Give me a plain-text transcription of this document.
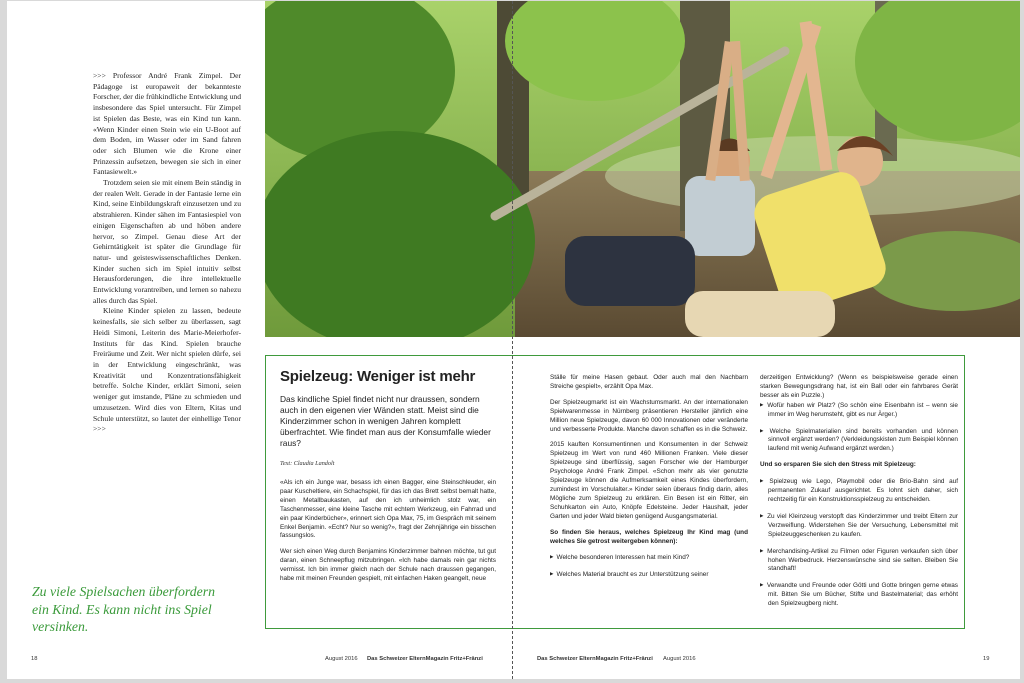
>>> Professor André Frank Zimpel. Der Pädagoge ist europaweit der bekannteste Forscher, der die frühkindliche Entwicklung und insbesondere das Spiel untersucht. Für Zimpel ist Spielen das Beste, was ein Kind tun kann. «Wenn Kinder einen Stein wie ein U-Boot auf dem Boden, im Wasser oder im Sand fahren oder sich Blumen wie die Krone einer Prinzessin aufsetzen, bewegen sie sich in einer Fantasiewelt.»

Trotzdem seien sie mit einem Bein ständig in der realen Welt. Gerade in der Fantasie lerne ein Kind, seine Einbildungskraft einzusetzen und zu abstrahieren. Kinder sähen im Fantasiespiel von einigen Eigenschaften ab und höben andere hervor, so Zimpel. Genau diese Art der Gehirntätigkeit ist später die Grundlage für natur- und geisteswissenschaftliches Denken. Kinder suchen sich im Spiel intuitiv selbst Herausforderungen, die ihre intellektuelle Entwicklung vorantreiben, und lernen so nahezu alles durch das Spiel.

Kleine Kinder spielen zu lassen, bedeute keinesfalls, sie sich selber zu überlassen, sagt Heidi Simoni, Leiterin des Marie-Meierhofer-Instituts für das Kind. Spielen brauche Freiräume und Zeit. Wer nicht spielen dürfe, sei in der Entwicklung eingeschränkt, was Kreativität und Konzentrationsfähigkeit betreffe. Solche Kinder, erklärt Simoni, seien weniger gut imstande, Pläne zu schmieden und umzusetzen. Wird dies von Eltern, Kitas und Schule unterstützt, so lautet der einhellige Tenor >>>

Zu viele Spielsachen überfordern ein Kind. Es kann nicht ins Spiel versinken.
Spielzeug: Weniger ist mehr
Das kindliche Spiel findet nicht nur draussen, sondern auch in den eigenen vier Wänden statt. Meist sind die Kinderzimmer schon in wenigen Jahren komplett überfrachtet. Wie findet man aus der Konsumfalle wieder raus?
Text: Claudia Landolt

«Als ich ein Junge war, besass ich einen Bagger, eine Steinschleuder, ein paar Kuscheltiere, ein Schachspiel, für das ich das Brett selbst bemalt hatte, einen Metallbaukasten, auf den ich unheimlich stolz war, ein Taschenmesser, eine kleine Tasche mit echtem Werkzeug, ein Fahrrad und ein paar Kinderbücher», erinnert sich Opa Max, 75, im Gespräch mit seinem Enkel Benjamin. «Echt? Nur so wenig?», fragt der Zehnjährige ein bisschen fassungslos.

Wer sich einen Weg durch Benjamins Kinderzimmer bahnen möchte, tut gut daran, einen Schneepflug mitzubringen. «Ich habe damals rein gar nichts vermisst. Ich bin immer gleich nach der Schule nach draussen gegangen, habe mit meinen Freunden gespielt, mit einfachen Haken geangelt, neue

Ställe für meine Hasen gebaut. Oder auch mal den Nachbarn Streiche gespielt», erzählt Opa Max.

Der Spielzeugmarkt ist ein Wachstumsmarkt. An der internationalen Spielwarenmesse in Nürnberg präsentieren Hersteller jährlich eine Million neue Spielzeuge, davon 60 000 Innovationen oder veränderte und verbesserte Produkte. Manche davon schaffen es in die Schweiz.

2015 kauften Konsumentinnen und Konsumenten in der Schweiz Spielzeug im Wert von rund 460 Millionen Franken. Viele dieser Spielzeuge sind überflüssig, sagen Forscher wie der Hamburger Psychologe André Frank Zimpel. «Schon mehr als vier genutzte Spielzeuge können die Aufmerksamkeit eines Kindes überfordern, zumindest im Vorschulalter.» Kinder seien überaus findig darin, alles Mögliche zum Spielzeug zu erklären. Ein Besen ist ein Ritter, ein Schuhkarton ein Auto, Knöpfe Edelsteine. Jeder Haushalt, jeder Garten und jeder Wald bieten genügend Ausgangsmaterial.

So finden Sie heraus, welches Spielzeug Ihr Kind mag (und welches Sie getrost weitergeben können):

▶ Welche besonderen Interessen hat mein Kind?

▶ Welches Material braucht es zur Unterstützung seiner

derzeitigen Entwicklung? (Wenn es beispielsweise gerade einen starken Bewegungsdrang hat, ist ein Ball oder ein fahrbares Gerät besser als ein Puzzle.)

▶ Wofür haben wir Platz? (So schön eine Eisenbahn ist – wenn sie immer im Weg herumsteht, gibt es nur Ärger.)

▶ Welche Spielmaterialien sind bereits vorhanden und können sinnvoll ergänzt werden? (Verkleidungskisten zum Beispiel können laufend mit wenig Aufwand ergänzt werden.)

Und so ersparen Sie sich den Stress mit Spielzeug:

▶ Spielzeug wie Lego, Playmobil oder die Brio-Bahn sind auf permanenten Zukauf ausgerichtet. Es lohnt sich daher, sich rechtzeitig für ein Konstruktionsspielzeug zu entscheiden.

▶ Zu viel Kleinzeug verstopft das Kinderzimmer und treibt Eltern zur Verzweiflung. Widerstehen Sie der Versuchung, Lebensmittel mit Spielzeuggeschenken zu kaufen.

▶ Merchandising-Artikel zu Filmen oder Figuren verkaufen sich über hohen Werbedruck. Herzenswünsche sind sie selten. Bleiben Sie standhaft!

▶ Verwandte und Freunde oder Götti und Gotte bringen gerne etwas mit. Bitten Sie um Bücher, Stifte und Bastelmaterial; das erhöht den Spielzeugberg nicht.

18	August 2016 Das Schweizer ElternMagazin Fritz+Fränzi	Das Schweizer ElternMagazin Fritz+Fränzi August 2016	19
